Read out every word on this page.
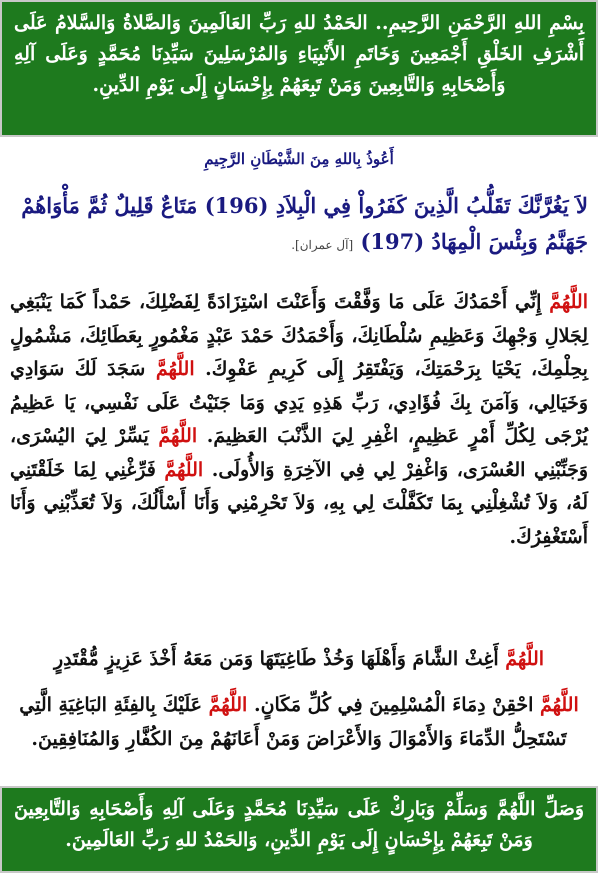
بِسْمِ اللهِ الرَّحْمَنِ الرَّحِيمِ.. الحَمْدُ للهِ رَبِّ العَالَمِينَ وَالصَّلاةُ وَالسَّلامُ عَلَى أَشْرَفِ الخَلْقِ أَجْمَعِينَ وَخَاتَمِ الأَنْبِيَاءِ وَالمُرْسَلِينَ سَيِّدِنَا مُحَمَّدٍ وَعَلَى آلِهِ وَأَصْحَابِهِ وَالتَّابِعِينَ وَمَنْ تَبِعَهُمْ بِإِحْسَانٍ إِلَى يَوْمِ الدِّينِ.

أَعُوذُ بِاللهِ مِنَ الشَّيْطَانِ الرَّجِيمِ

لاَ يَغُرَّنَّكَ تَقَلُّبُ الَّذِينَ كَفَرُواْ فِي الْبِلاَدِ (196) مَتَاعٌ قَلِيلٌ ثُمَّ مَأْوَاهُمْ جَهَنَّمُ وَبِئْسَ الْمِهَادُ (197) [آل عمران].

اللَّهُمَّ إِنِّي أَحْمَدُكَ عَلَى مَا وَفَّقْتَ وَأَعَنْتَ اسْتِزَادَةً لِفَضْلِكَ، حَمْداً كَمَا يَنْبَغِي لِجَلالِ وَجْهِكَ وَعَظِيمِ سُلْطَانِكَ، وَأَحْمَدُكَ حَمْدَ عَبْدٍ مَغْمُورٍ بِعَطَائِكَ، مَشْمُولٍ بِحِلْمِكَ، يَحْيَا بِرَحْمَتِكَ، وَيَفْتَقِرُ إِلَى كَرِيمِ عَفْوِكَ. اللَّهُمَّ سَجَدَ لَكَ سَوَادِي وَخَيَالِي، وَآمَنَ بِكَ فُؤَادِي، رَبِّ هَذِهِ يَدِي وَمَا جَنَيْتُ عَلَى نَفْسِي، يَا عَظِيمُ يُرْجَى لِكُلِّ أَمْرٍ عَظِيمٍ، اغْفِرِ لِيَ الذَّنْبَ العَظِيمَ. اللَّهُمَّ يَسِّرْ لِيَ اليُسْرَى، وَجَنِّبْنِي العُسْرَى، وَاغْفِرْ لِي فِي الآخِرَةِ وَالأُولَى. اللَّهُمَّ فَرِّغْنِي لِمَا خَلَقْتَنِي لَهُ، وَلاَ تُشْغِلْنِي بِمَا تَكَفَّلْتَ لِي بِهِ، وَلاَ تَحْرِمْنِي وَأَنَا أَسْأَلُكَ، وَلاَ تُعَذِّبْنِي وَأَنَا أَسْتَغْفِرُكَ.

اللَّهُمَّ أَغِثْ الشَّامَ وَأَهْلَهَا وَخُذْ طَاغِيَتَهَا وَمَن مَعَهُ أَخْذَ عَزِيزٍ مُّقْتَدِرٍ

اللَّهُمَّ احْقِنْ دِمَاءَ الْمُسْلِمِينَ فِي كُلِّ مَكَانٍ. اللَّهُمَّ عَلَيْكَ بِالفِئَةِ البَاغِيَةِ الَّتِي تَسْتَحِلُّ الدِّمَاءَ وَالأَمْوَالَ وَالأَعْرَاضَ وَمَنْ أَعَانَهُمْ مِنَ الكُفَّارِ وَالمُنَافِقِينَ.

وَصَلِّ اللَّهُمَّ وَسَلِّمْ وَبَارِكْ عَلَى سَيِّدِنَا مُحَمَّدٍ وَعَلَى آلِهِ وَأَصْحَابِهِ وَالتَّابِعِينَ وَمَنْ تَبِعَهُمْ بِإِحْسَانٍ إِلَى يَوْمِ الدِّينِ، وَالحَمْدُ للهِ رَبِّ العَالَمِينَ.
